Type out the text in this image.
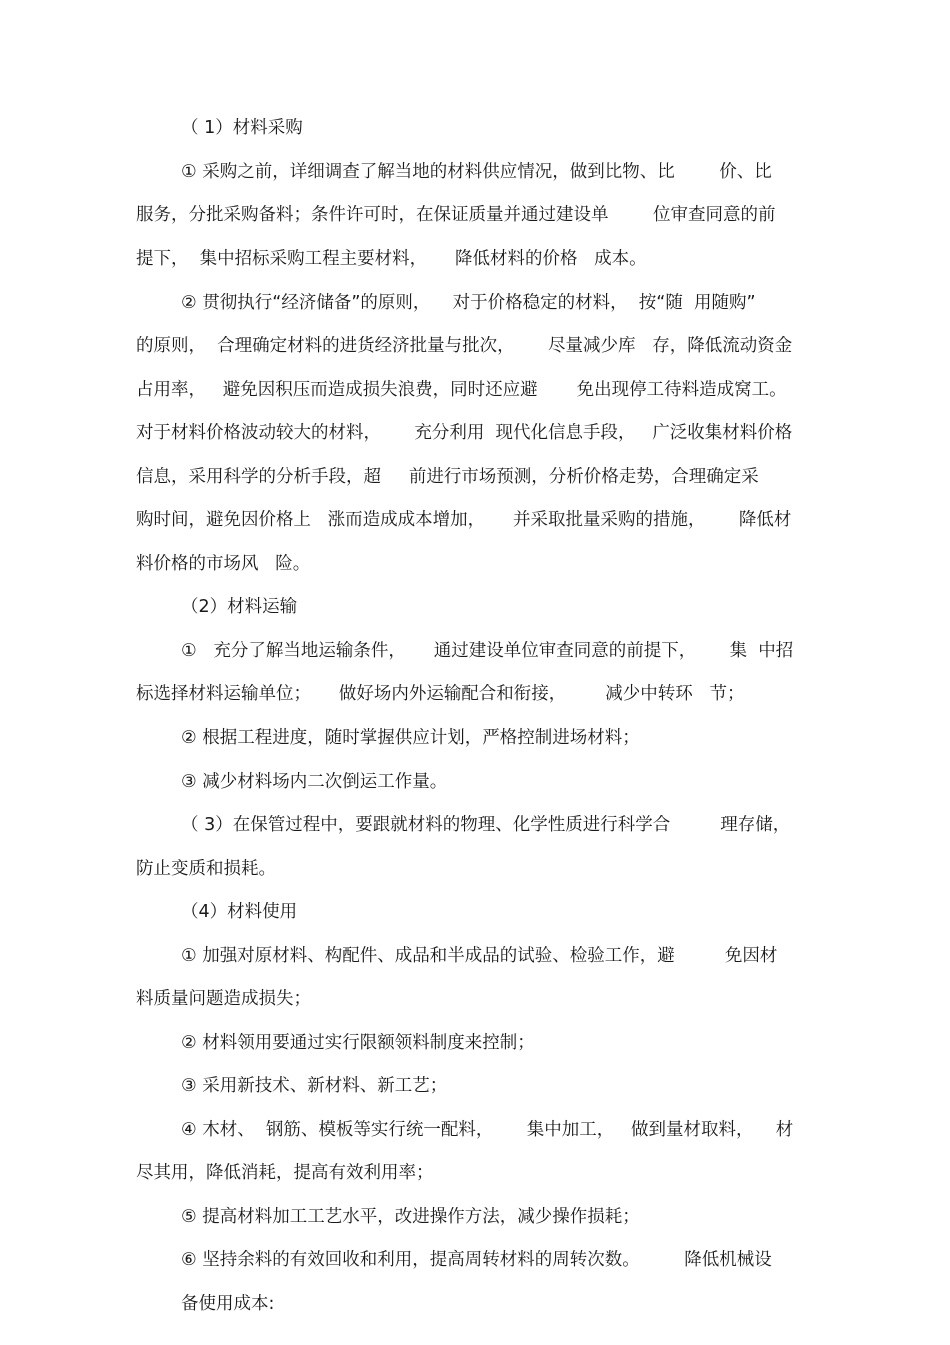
（ 1）材料采购
① 采购之前，详细调查了解当地的材料供应情况，做到比物、比        价、比
服务，分批采购备料；条件许可时，在保证质量并通过建设单        位审查同意的前
提下，  集中招标采购工程主要材料，     降低材料的价格   成本。
② 贯彻执行“经济储备”的原则，    对于价格稳定的材料，  按“随  用随购”
的原则，  合理确定材料的进货经济批量与批次，      尽量减少库   存，降低流动资金
占用率，   避免因积压而造成损失浪费，同时还应避       免出现停工待料造成窝工。
对于材料价格波动较大的材料，      充分利用  现代化信息手段，   广泛收集材料价格
信息，采用科学的分析手段，超     前进行市场预测，分析价格走势，合理确定采
购时间，避免因价格上   涨而造成成本增加，     并采取批量采购的措施，      降低材
料价格的市场风   险。
（2）材料运输
①   充分了解当地运输条件，     通过建设单位审查同意的前提下，      集  中招
标选择材料运输单位；     做好场内外运输配合和衔接，       减少中转环   节；
② 根据工程进度，随时掌握供应计划，严格控制进场材料；
③ 减少材料场内二次倒运工作量。
（ 3）在保管过程中，要跟就材料的物理、化学性质进行科学合         理存储，
防止变质和损耗。
（4）材料使用
① 加强对原材料、构配件、成品和半成品的试验、检验工作，避         免因材
料质量问题造成损失；
② 材料领用要通过实行限额领料制度来控制；
③ 采用新技术、新材料、新工艺；
④ 木材、  钢筋、模板等实行统一配料，      集中加工，   做到量材取料，    材
尽其用，降低消耗，提高有效利用率；
⑤ 提高材料加工工艺水平，改进操作方法，减少操作损耗；
⑥ 坚持余料的有效回收和利用，提高周转材料的周转次数。        降低机械设
备使用成本:
